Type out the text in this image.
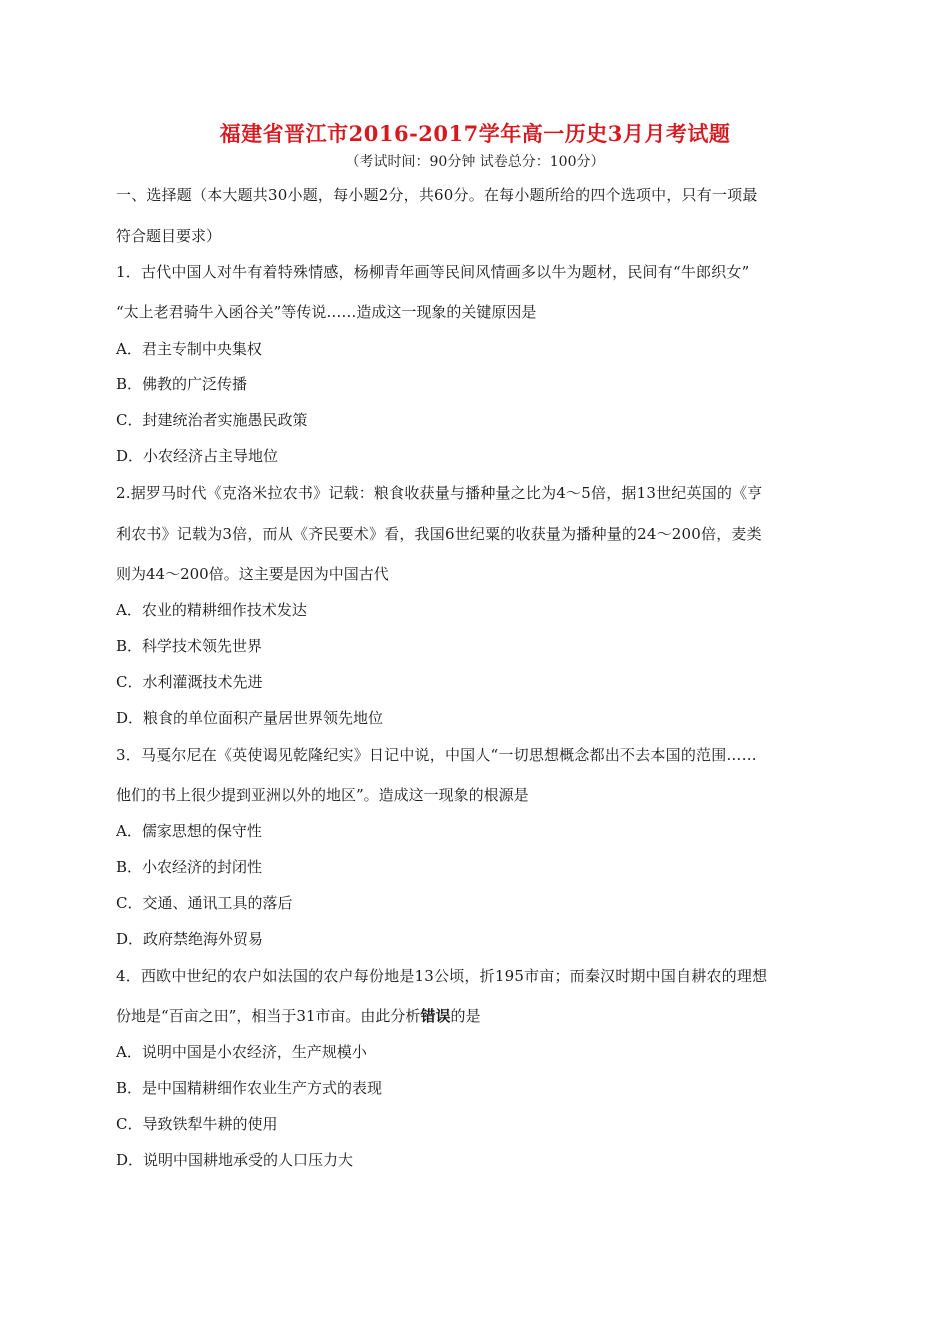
福建省晋江市2016-2017学年高一历史3月月考试题
（考试时间：90分钟 试卷总分：100分）
一、选择题（本大题共30小题，每小题2分，共60分。在每小题所给的四个选项中，只有一项最
符合题目要求）
1．古代中国人对牛有着特殊情感，杨柳青年画等民间风情画多以牛为题材，民间有“牛郎织女”
“太上老君骑牛入函谷关”等传说……造成这一现象的关键原因是
A．君主专制中央集权
B．佛教的广泛传播
C．封建统治者实施愚民政策
D．小农经济占主导地位
2.据罗马时代《克洛米拉农书》记载：粮食收获量与播种量之比为4～5倍，据13世纪英国的《亨
利农书》记载为3倍，而从《齐民要术》看，我国6世纪粟的收获量为播种量的24～200倍，麦类
则为44～200倍。这主要是因为中国古代
A．农业的精耕细作技术发达
B．科学技术领先世界
C．水利灌溉技术先进
D．粮食的单位面积产量居世界领先地位
3．马戛尔尼在《英使谒见乾隆纪实》日记中说，中国人“一切思想概念都出不去本国的范围……
他们的书上很少提到亚洲以外的地区”。造成这一现象的根源是
A．儒家思想的保守性
B．小农经济的封闭性
C．交通、通讯工具的落后
D．政府禁绝海外贸易
4．西欧中世纪的农户如法国的农户每份地是13公顷，折195市亩；而秦汉时期中国自耕农的理想
份地是“百亩之田”，相当于31市亩。由此分析错误的是
A．说明中国是小农经济，生产规模小
B．是中国精耕细作农业生产方式的表现
C．导致铁犁牛耕的使用
D．说明中国耕地承受的人口压力大
